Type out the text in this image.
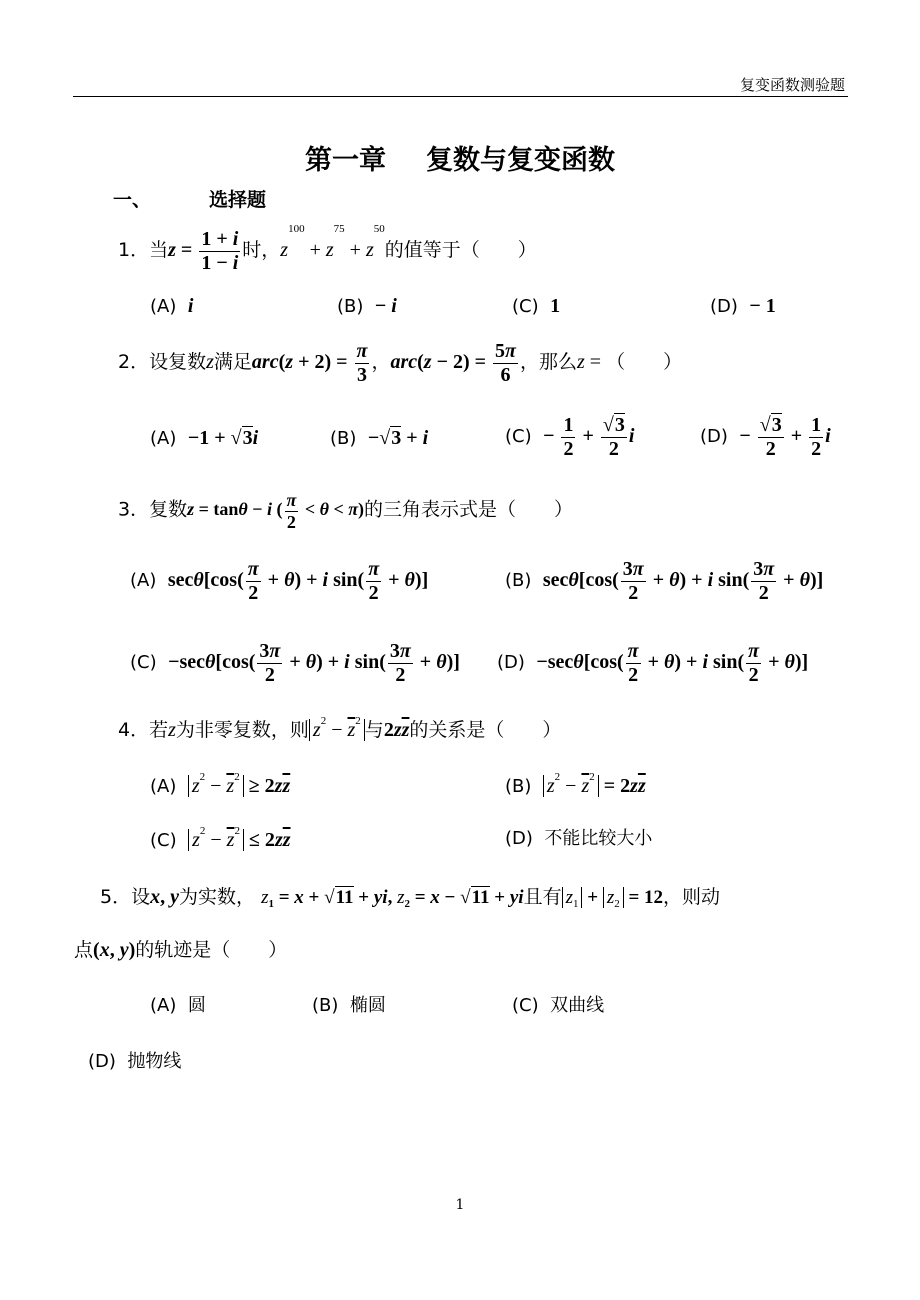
复变函数测验题
第一章 复数与复变函数
一、	选择题
1．当$z = \frac{1 + i}{1 - i}$ 时，$z^{100} + z^{75} + z^{50}$的值等于（　　）
(A) i	(B) − i	(C) 1	(D) − 1
2．设复数z满足$arc(z + 2) = \frac{\pi}{3}$ ，$arc(z - 2) = \frac{5\pi}{6}$ ，那么z = （　　）
(A) −1 + √3i	(B) −√3 + i	$(C) - \frac{1}{2} + \frac{√3}{2}$ i	$(D) - \frac{√3}{2} + \frac{1}{2}$ i
3．复数z = tanθ − i ( $\frac{\pi}{2} < \theta < \pi$)的三角表示式是（　　）
(A) $\sec\theta[\cos( \frac{\pi}{2} + \theta) + i$ $\sin( \frac{\pi}{2} + \theta)$]	(B) $\sec\theta[\cos( \frac{3\pi}{2} + \theta) + i$ $\sin( \frac{3\pi}{2} + \theta)$]
$(C) -\sec\theta[\cos( \frac{3\pi}{2} + \theta) + i$ $\sin( \frac{3\pi}{2} + \theta)$] $(D) -\sec\theta[\cos( \frac{\pi}{2} + \theta) + i$ $\sin( \frac{\pi}{2} + \theta)$]
4．若z为非零复数，则 $z^2 - \overline{z}^2$ 与$2z\overline{z}$的关系是（　　）
(A) $z^2 - \overline{z}^2 \ge 2z\overline{z}$	(B) $z^2 - \overline{z}^2 = 2z\overline{z}$
(C) $z^2 - \overline{z}^2 \le 2z\overline{z}$	(D) 不能比较大小
5．设x, y为实数， z1 = x + √11 + yi, z2 = x − √11 + yi且有 z1 + z2 = 12，则动
点(x, y)的轨迹是（　　）
(A) 圆	(B) 椭圆	(C) 双曲线
(D) 抛物线
1
